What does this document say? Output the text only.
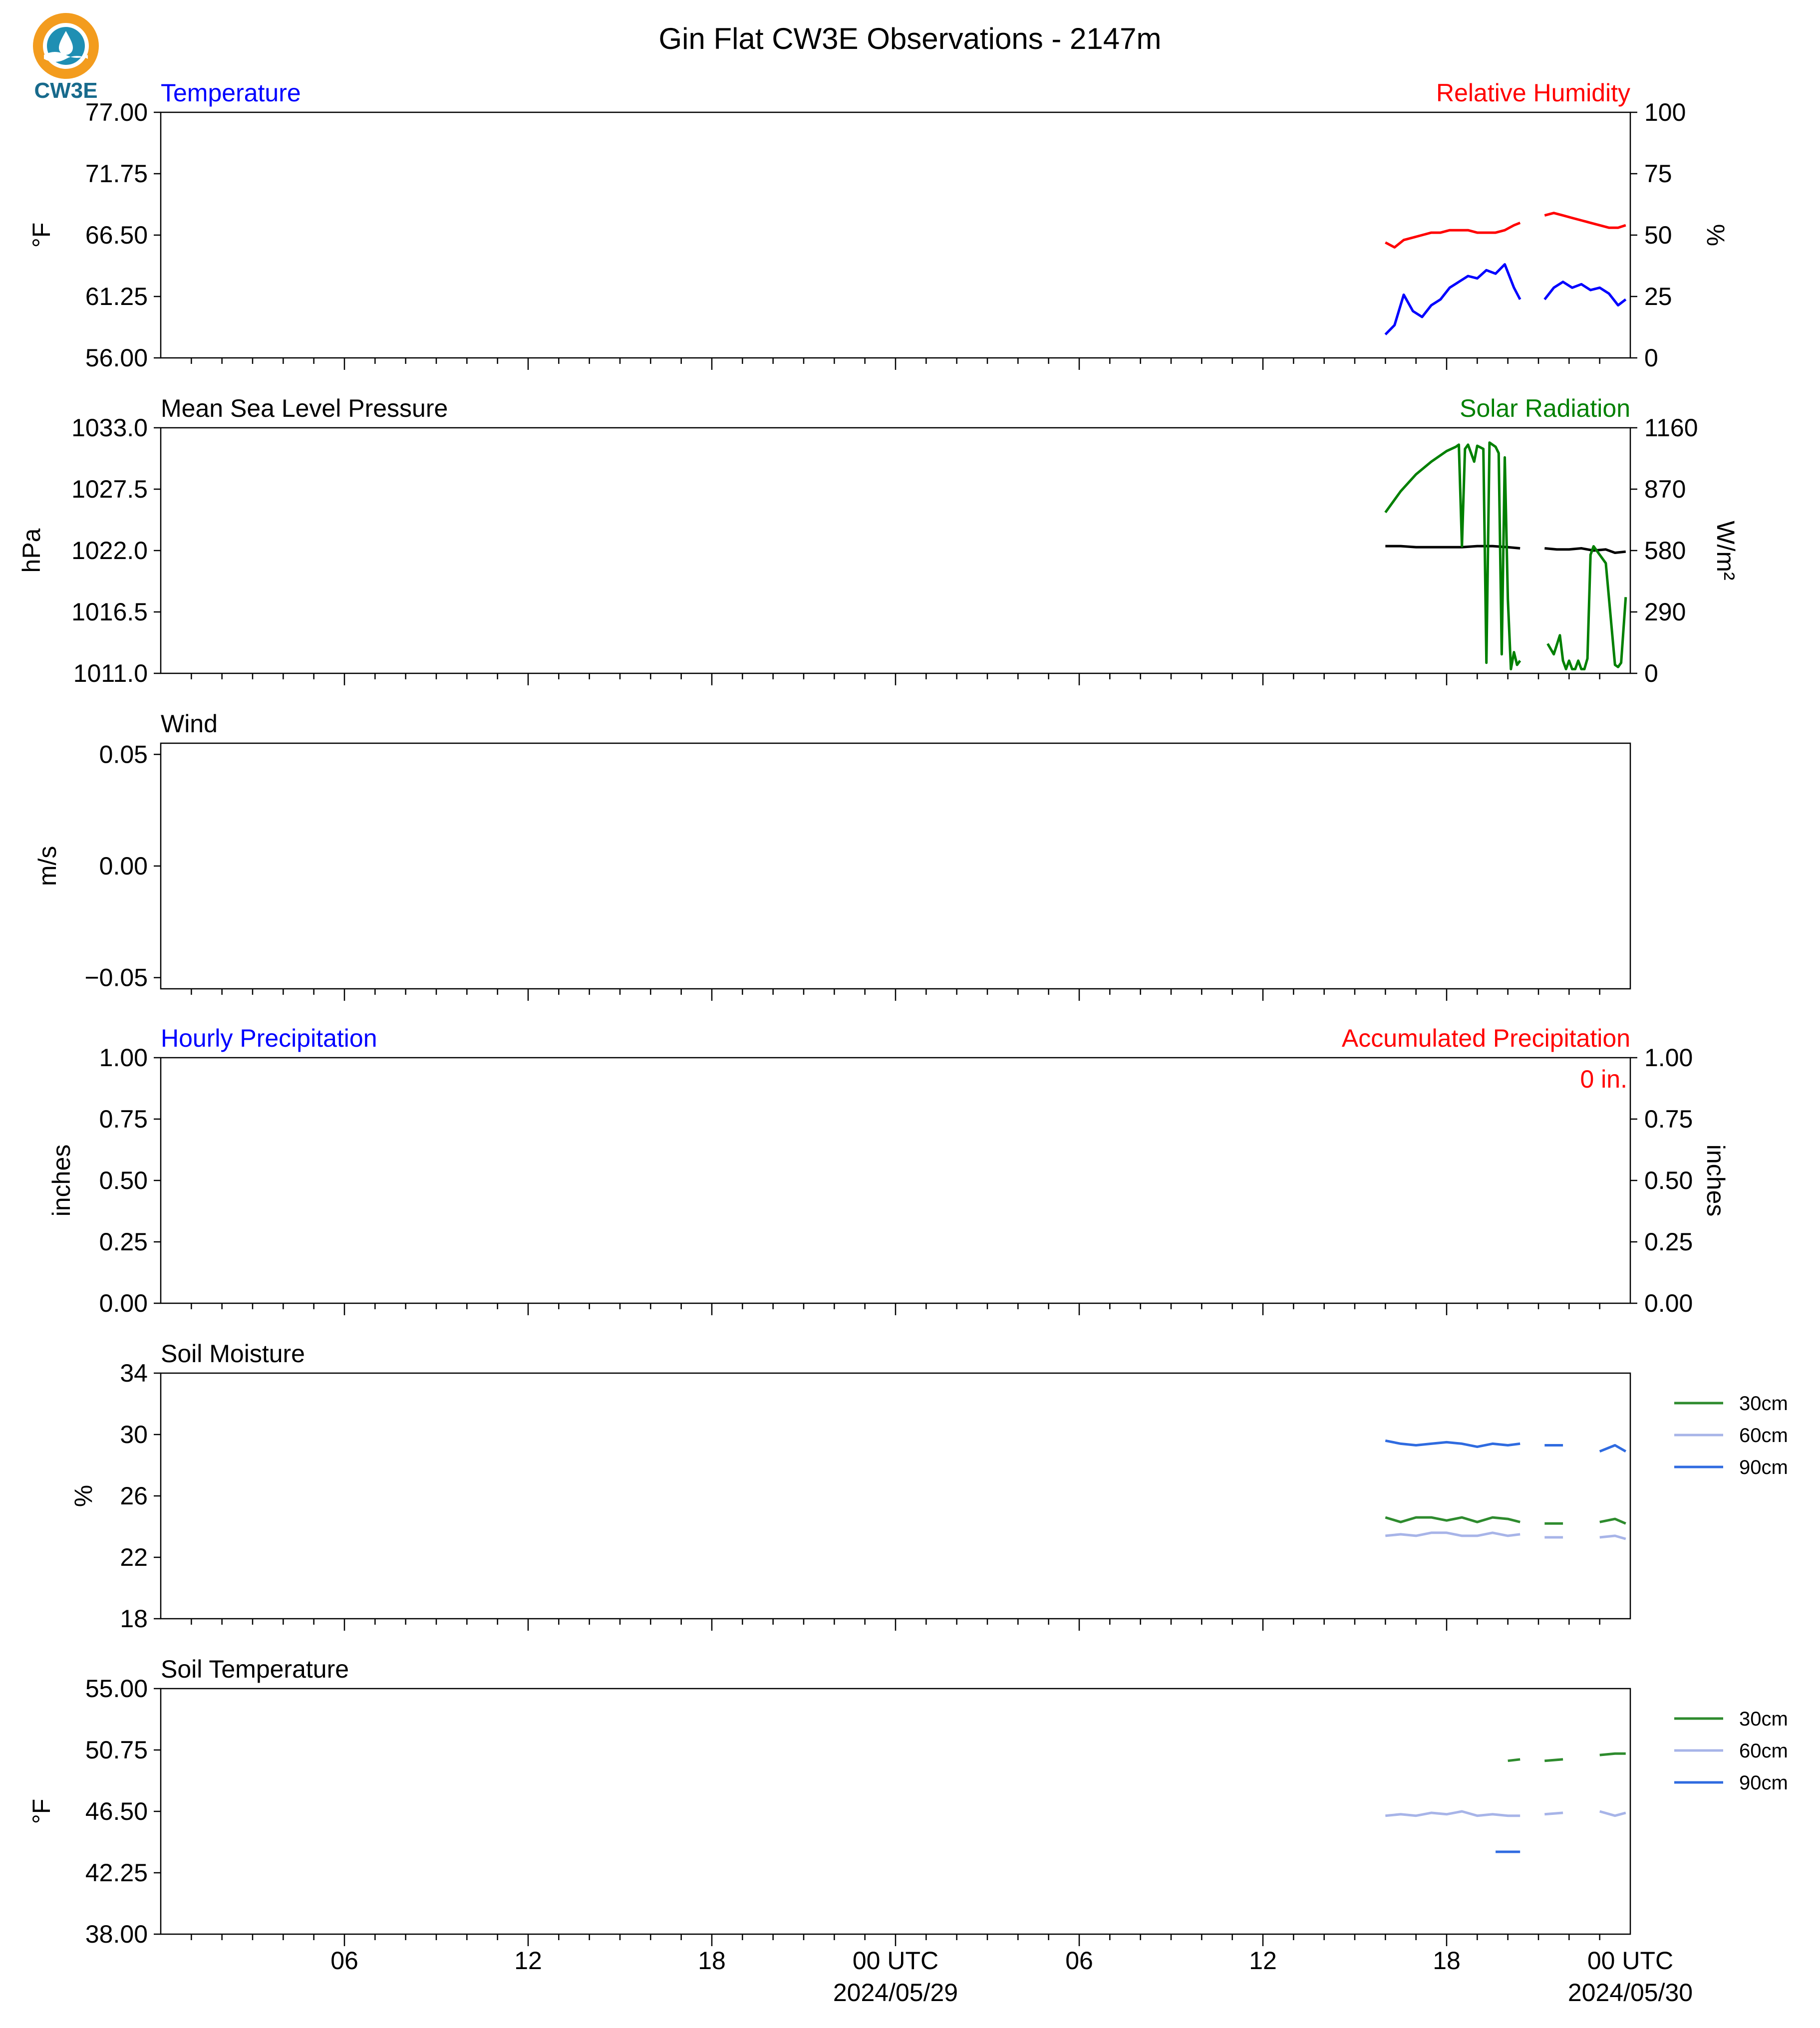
CW3E
Gin Flat CW3E Observations - 2147m
Temperature	Relative Humidity
77.00
71.75
66.50
61.25
56.00
100
75
50
25
0
°F	%
Mean Sea Level Pressure	Solar Radiation
1033.0
1027.5
1022.0
1016.5
1011.0
1160
870
580
290
0
hPa	W/m²
Wind
0.05
0.00
−0.05
m/s
Hourly Precipitation	Accumulated Precipitation
1.00
0.75
0.50
0.25
0.00
1.00
0.75
0.50
0.25
0.00
inches	inches
0 in.
Soil Moisture
34
30
26
22
18
%
30cm
60cm
90cm
Soil Temperature
55.00
50.75
46.50
42.25
38.00
°F
30cm
60cm
90cm
06	12	18	00 UTC
2024/05/29
06	12	18	00 UTC
2024/05/30
